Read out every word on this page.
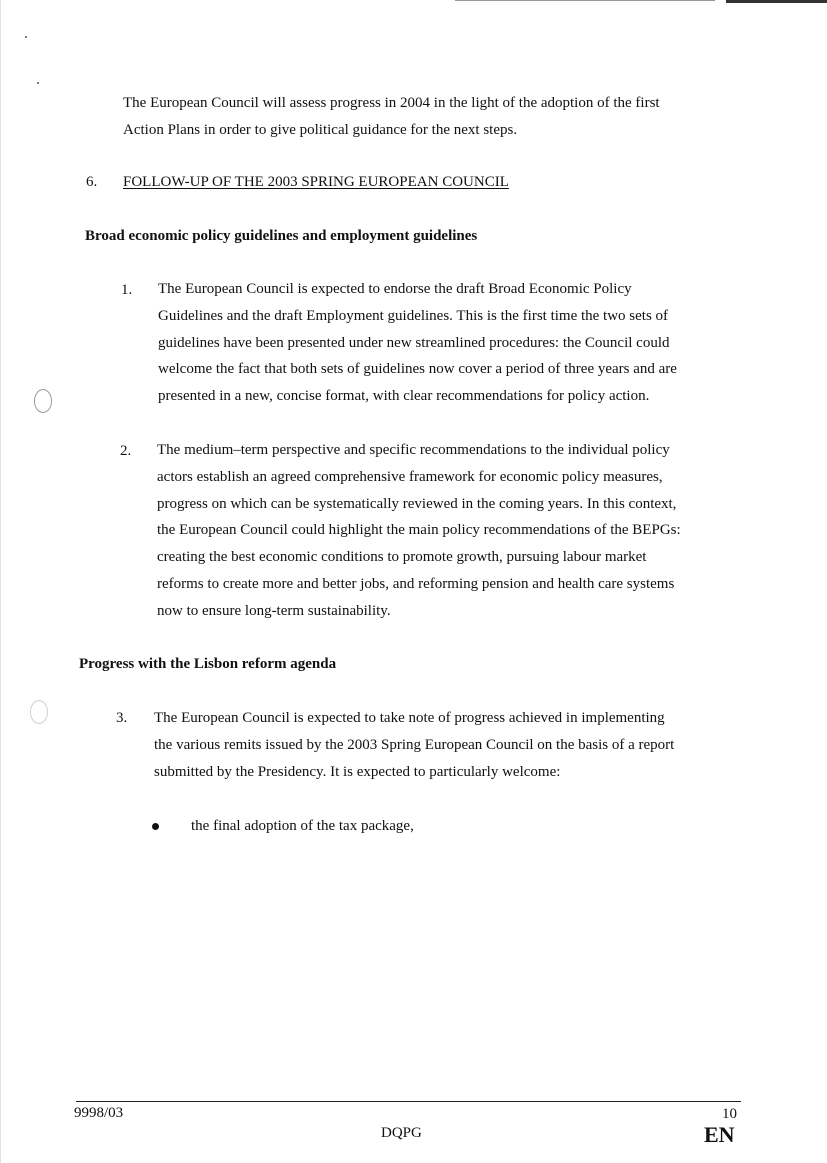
The European Council will assess progress in 2004 in the light of the adoption of the first
Action Plans in order to give political guidance for the next steps.
6. FOLLOW-UP OF THE 2003 SPRING EUROPEAN COUNCIL
Broad economic policy guidelines and employment guidelines
1. The European Council is expected to endorse the draft Broad Economic Policy
Guidelines and the draft Employment guidelines. This is the first time the two sets of
guidelines have been presented under new streamlined procedures: the Council could
welcome the fact that both sets of guidelines now cover a period of three years and are
presented in a new, concise format, with clear recommendations for policy action.
2. The medium–term perspective and specific recommendations to the individual policy
actors establish an agreed comprehensive framework for economic policy measures,
progress on which can be systematically reviewed in the coming years. In this context,
the European Council could highlight the main policy recommendations of the BEPGs:
creating the best economic conditions to promote growth, pursuing labour market
reforms to create more and better jobs, and reforming pension and health care systems
now to ensure long-term sustainability.
Progress with the Lisbon reform agenda
3. The European Council is expected to take note of progress achieved in implementing
the various remits issued by the 2003 Spring European Council on the basis of a report
submitted by the Presidency. It is expected to particularly welcome:
the final adoption of the tax package,
9998/03	10
DQPG	EN
